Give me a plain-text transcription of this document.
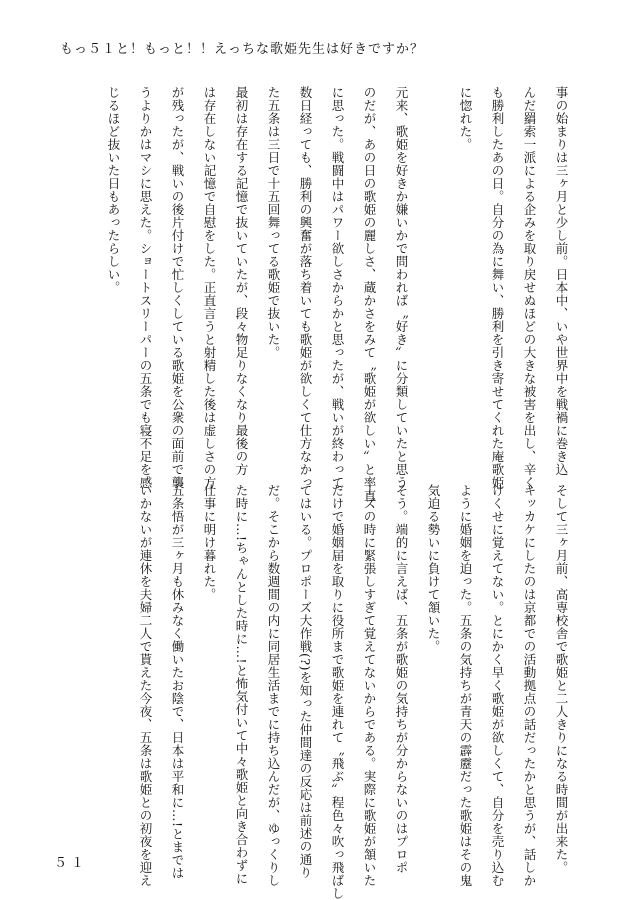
もっ５１と！もっと！！えっちな歌姫先生は好きですか？
事の始まりは三ヶ月と少し前。日本中、いや世界中を戦禍に巻き込
んだ羂索一派による企みを取り戻せぬほどの大きな被害を出し、辛く
も勝利したあの日。自分の為に舞い、勝利を引き寄せてくれた庵歌姫
に惚れた。
元来、歌姫を好きか嫌いかで問われば〝好き〟に分類していたと思う
のだが、あの日の歌姫の麗しさ、蔵かさをみて〝歌姫が欲しい〟と率直
に思った。戦闘中はパワー欲しさからかと思ったが、戦いが終わって
数日経っても、勝利の興奮が落ち着いても歌姫が欲しくて仕方なかっ
た五条は三日で十五回舞ってる歌姫で抜いた。
最初は存在する記憶で抜いていたが、段々物足りなくなり最後の方
は存在しない記憶で自慰をした。正直言うと射精した後は虚しさの方
が残ったが、戦いの後片付けで忙しくしている歌姫を公衆の面前で襲
うよりかはマシに思えた。ショートスリーパーの五条でも寝不足を感
じるほど抜いた日もあったらしい。
そして三ヶ月前、高専校舎で歌姫と二人きりになる時間が出来た。
キッカケにしたのは京都での活動拠点の話だったかと思うが、話しか
けくせに覚えてない。とにかく早く歌姫が欲しくて、自分を売り込む
ように婚姻を迫った。五条の気持ちが青天の霹靂だった歌姫はその鬼
気迫る勢いに負けて頷いた。
そう。端的に言えば、五条が歌姫の気持ちが分からないのはプロポ
ーズの時に緊張しすぎて覚えてないからである。実際に歌姫が頷いた
だけで婚姻届を取りに役所まで歌姫を連れて〝飛ぶ〟程色々吹っ飛ばし
てはいる。プロポーズ大作戦(?)を知った仲間達の反応は前述の通り
だ。そこから数週間の内に同居生活までに持ち込んだが、ゆっくりし
た時に…!ちゃんとした時に…!と怖気付いて中々歌姫と向き合わずに
仕事に明け暮れた。
五条悟が三ヶ月も休みなく働いたお陰で、日本は平和に…!とまでは
いかないが連休を夫婦二人で貰えた今夜、五条は歌姫との初夜を迎え
５１
